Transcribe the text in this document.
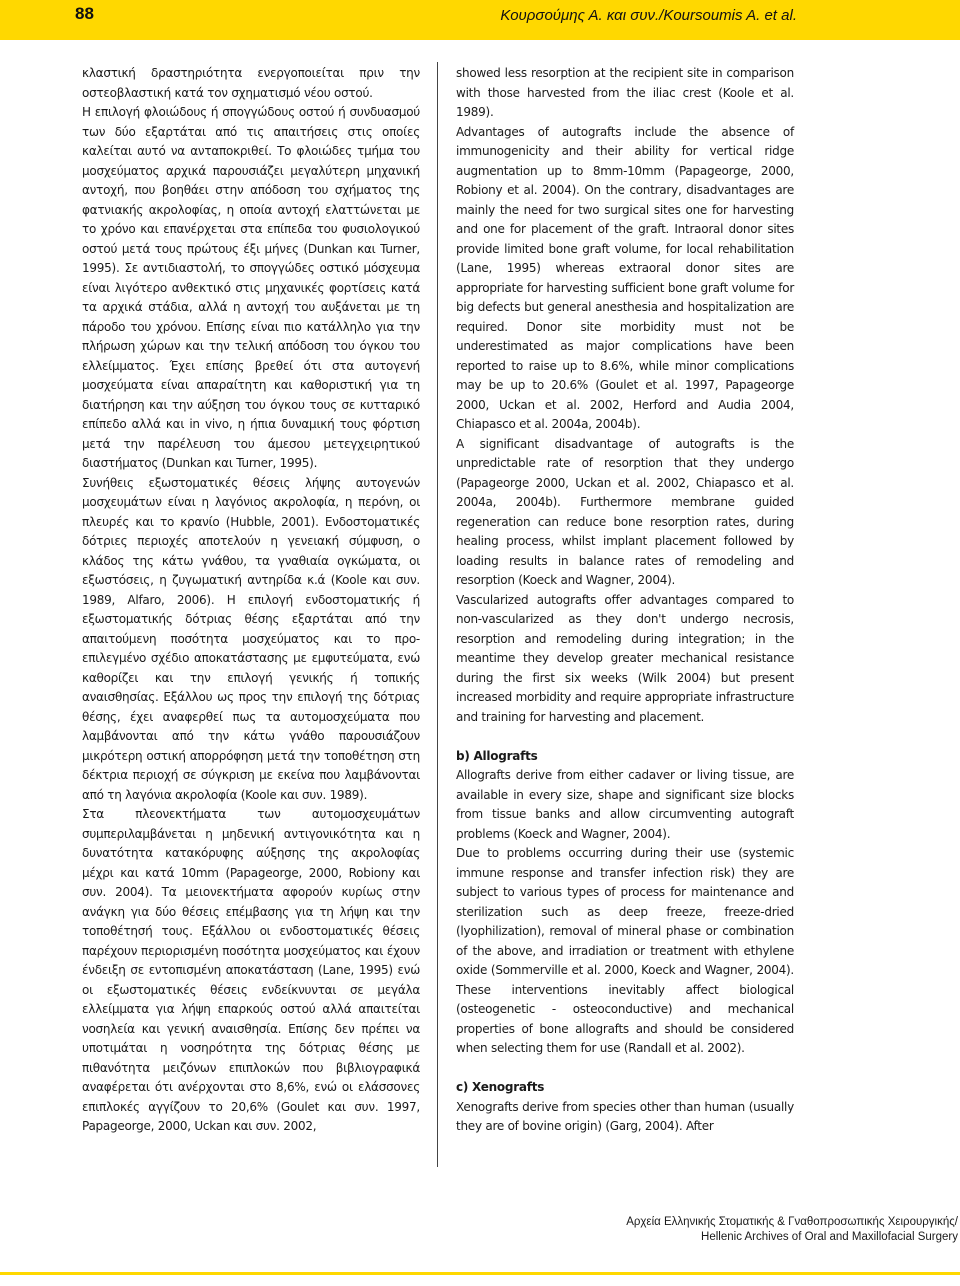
88	Κουρσούμης Α. και συν./Koursoumis A. et al.

κλαστική δραστηριότητα ενεργοποιείται πριν την οστεοβλαστική κατά τον σχηματισμό νέου οστού.

Η επιλογή φλοιώδους ή σπογγώδους οστού ή συνδυασμού των δύο εξαρτάται από τις απαιτήσεις στις οποίες καλείται αυτό να ανταποκριθεί. Το φλοιώδες τμήμα του μοσχεύματος αρχικά παρουσιάζει μεγαλύτερη μηχανική αντοχή, που βοηθάει στην απόδοση του σχήματος της φατνιακής ακρολοφίας, η οποία αντοχή ελαττώνεται με το χρόνο και επανέρχεται στα επίπεδα του φυσιολογικού οστού μετά τους πρώτους έξι μήνες (Dunkan και Turner, 1995). Σε αντιδιαστολή, το σπογγώδες οστικό μόσχευμα είναι λιγότερο ανθεκτικό στις μηχανικές φορτίσεις κατά τα αρχικά στάδια, αλλά η αντοχή του αυξάνεται με τη πάροδο του χρόνου. Επίσης είναι πιο κατάλληλο για την πλήρωση χώρων και την τελική απόδοση του όγκου του ελλείμματος. Έχει επίσης βρεθεί ότι στα αυτογενή μοσχεύματα είναι απαραίτητη και καθοριστική για τη διατήρηση και την αύξηση του όγκου τους σε κυτταρικό επίπεδο αλλά και in vivo, η ήπια δυναμική τους φόρτιση μετά την παρέλευση του άμεσου μετεγχειρητικού διαστήματος (Dunkan και Turner, 1995).

Συνήθεις εξωστοματικές θέσεις λήψης αυτογενών μοσχευμάτων είναι η λαγόνιος ακρολοφία, η περόνη, οι πλευρές και το κρανίο (Hubble, 2001). Ενδοστοματικές δότριες περιοχές αποτελούν η γενειακή σύμφυση, ο κλάδος της κάτω γνάθου, τα γναθιαία ογκώματα, οι εξωστόσεις, η ζυγωματική αντηρίδα κ.ά (Koole και συν. 1989, Alfaro, 2006). Η επιλογή ενδοστοματικής ή εξωστοματικής δότριας θέσης εξαρτάται από την απαιτούμενη ποσότητα μοσχεύματος και το προ-επιλεγμένο σχέδιο αποκατάστασης με εμφυτεύματα, ενώ καθορίζει και την επιλογή γενικής ή τοπικής αναισθησίας. Εξάλλου ως προς την επιλογή της δότριας θέσης, έχει αναφερθεί πως τα αυτομοσχεύματα που λαμβάνονται από την κάτω γνάθο παρουσιάζουν μικρότερη οστική απορρόφηση μετά την τοποθέτηση στη δέκτρια περιοχή σε σύγκριση με εκείνα που λαμβάνονται από τη λαγόνια ακρολοφία (Koole και συν. 1989).

Στα πλεονεκτήματα των αυτομοσχευμάτων συμπεριλαμβάνεται η μηδενική αντιγονικότητα και η δυνατότητα κατακόρυφης αύξησης της ακρολοφίας μέχρι και κατά 10mm (Papageorge, 2000, Robiony και συν. 2004). Τα μειονεκτήματα αφορούν κυρίως στην ανάγκη για δύο θέσεις επέμβασης για τη λήψη και την τοποθέτησή τους. Εξάλλου οι ενδοστοματικές θέσεις παρέχουν περιορισμένη ποσότητα μοσχεύματος και έχουν ένδειξη σε εντοπισμένη αποκατάσταση (Lane, 1995) ενώ οι εξωστοματικές θέσεις ενδείκνυνται σε μεγάλα ελλείμματα για λήψη επαρκούς οστού αλλά απαιτείται νοσηλεία και γενική αναισθησία. Επίσης δεν πρέπει να υποτιμάται η νοσηρότητα της δότριας θέσης με πιθανότητα μειζόνων επιπλοκών που βιβλιογραφικά αναφέρεται ότι ανέρχονται στο 8,6%, ενώ οι ελάσσονες επιπλοκές αγγίζουν το 20,6% (Goulet και συν. 1997, Papageorge, 2000, Uckan και συν. 2002,

showed less resorption at the recipient site in comparison with those harvested from the iliac crest (Koole et al. 1989).

Advantages of autografts include the absence of immunogenicity and their ability for vertical ridge augmentation up to 8mm-10mm (Papageorge, 2000, Robiony et al. 2004). On the contrary, disadvantages are mainly the need for two surgical sites one for harvesting and one for placement of the graft. Intraoral donor sites provide limited bone graft volume, for local rehabilitation (Lane, 1995) whereas extraoral donor sites are appropriate for harvesting sufficient bone graft volume for big defects but general anesthesia and hospitalization are required. Donor site morbidity must not be underestimated as major complications have been reported to raise up to 8.6%, while minor complications may be up to 20.6% (Goulet et al. 1997, Papageorge 2000, Uckan et al. 2002, Herford and Audia 2004, Chiapasco et al. 2004a, 2004b).

A significant disadvantage of autografts is the unpredictable rate of resorption that they undergo (Papageorge 2000, Uckan et al. 2002, Chiapasco et al. 2004a, 2004b). Furthermore membrane guided regeneration can reduce bone resorption rates, during healing process, whilst implant placement followed by loading results in balance rates of remodeling and resorption (Koeck and Wagner, 2004).

Vascularized autografts offer advantages compared to non-vascularized as they don't undergo necrosis, resorption and remodeling during integration; in the meantime they develop greater mechanical resistance during the first six weeks (Wilk 2004) but present increased morbidity and require appropriate infrastructure and training for harvesting and placement.

b) Allografts

Allografts derive from either cadaver or living tissue, are available in every size, shape and significant size blocks from tissue banks and allow circumventing autograft problems (Koeck and Wagner, 2004).

Due to problems occurring during their use (systemic immune response and transfer infection risk) they are subject to various types of process for maintenance and sterilization such as deep freeze, freeze-dried (lyophilization), removal of mineral phase or combination of the above, and irradiation or treatment with ethylene oxide (Sommerville et al. 2000, Koeck and Wagner, 2004). These interventions inevitably affect biological (osteogenetic - osteoconductive) and mechanical properties of bone allografts and should be considered when selecting them for use (Randall et al. 2002).

c) Xenografts

Xenografts derive from species other than human (usually they are of bovine origin) (Garg, 2004). After

Αρχεία Ελληνικής Στοματικής & Γναθοπροσωπικής Χειρουργικής/
Hellenic Archives of Oral and Maxillofacial Surgery
